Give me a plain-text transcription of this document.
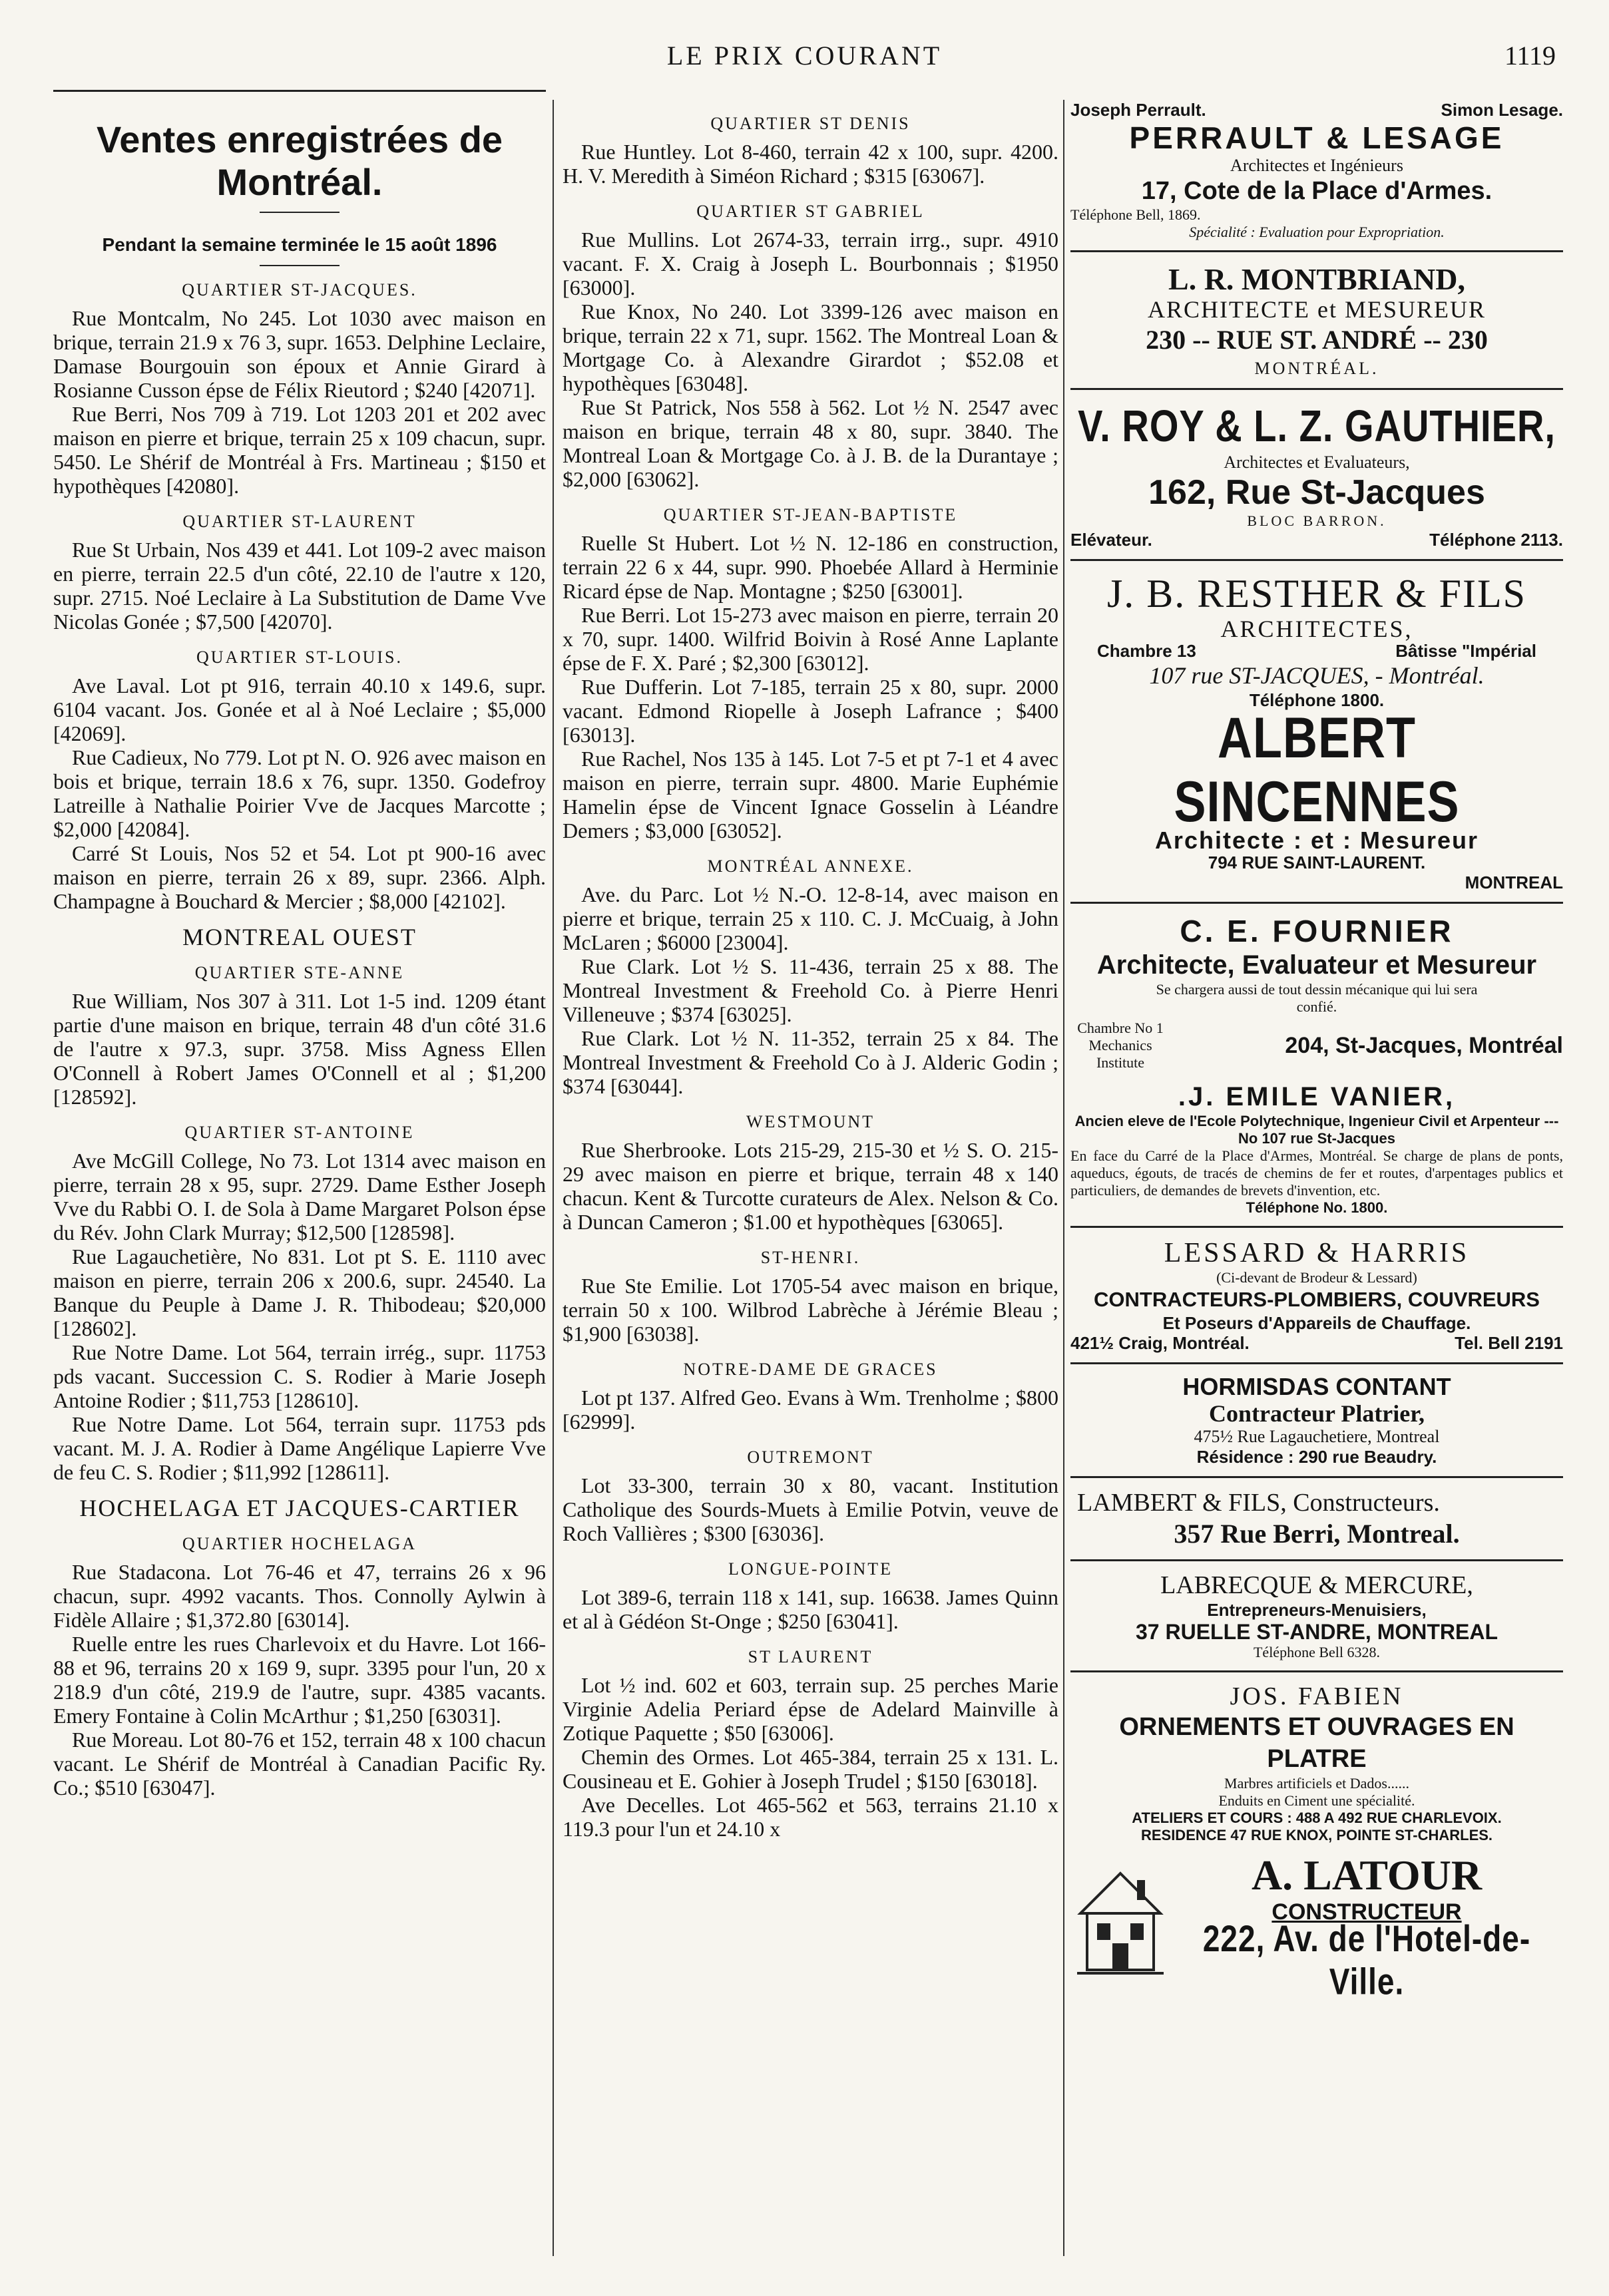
LE PRIX COURANT	1119
Ventes enregistrées de Montréal.
Pendant la semaine terminée le 15 août 1896
QUARTIER ST-JACQUES.

Rue Montcalm, No 245. Lot 1030 avec maison en brique, terrain 21.9 x 76 3, supr. 1653. Delphine Leclaire, Damase Bourgouin son époux et Annie Girard à Rosianne Cusson épse de Félix Rieutord ; $240 [42071].

Rue Berri, Nos 709 à 719. Lot 1203 201 et 202 avec maison en pierre et brique, terrain 25 x 109 chacun, supr. 5450. Le Shérif de Montréal à Frs. Martineau ; $150 et hypothèques [42080].

QUARTIER ST-LAURENT

Rue St Urbain, Nos 439 et 441. Lot 109-2 avec maison en pierre, terrain 22.5 d'un côté, 22.10 de l'autre x 120, supr. 2715. Noé Leclaire à La Substitution de Dame Vve Nicolas Gonée ; $7,500 [42070].

QUARTIER ST-LOUIS.

Ave Laval. Lot pt 916, terrain 40.10 x 149.6, supr. 6104 vacant. Jos. Gonée et al à Noé Leclaire ; $5,000 [42069].

Rue Cadieux, No 779. Lot pt N. O. 926 avec maison en bois et brique, terrain 18.6 x 76, supr. 1350. Godefroy Latreille à Nathalie Poirier Vve de Jacques Marcotte ; $2,000 [42084].

Carré St Louis, Nos 52 et 54. Lot pt 900-16 avec maison en pierre, terrain 26 x 89, supr. 2366. Alph. Champagne à Bouchard & Mercier ; $8,000 [42102].

MONTREAL OUEST
QUARTIER STE-ANNE

Rue William, Nos 307 à 311. Lot 1-5 ind. 1209 étant partie d'une maison en brique, terrain 48 d'un côté 31.6 de l'autre x 97.3, supr. 3758. Miss Agness Ellen O'Connell à Robert James O'Connell et al ; $1,200 [128592].

QUARTIER ST-ANTOINE

Ave McGill College, No 73. Lot 1314 avec maison en pierre, terrain 28 x 95, supr. 2729. Dame Esther Joseph Vve du Rabbi O. I. de Sola à Dame Margaret Polson épse du Rév. John Clark Murray; $12,500 [128598].

Rue Lagauchetière, No 831. Lot pt S. E. 1110 avec maison en pierre, terrain 206 x 200.6, supr. 24540. La Banque du Peuple à Dame J. R. Thibodeau; $20,000 [128602].

Rue Notre Dame. Lot 564, terrain irrég., supr. 11753 pds vacant. Succession C. S. Rodier à Marie Joseph Antoine Rodier ; $11,753 [128610].

Rue Notre Dame. Lot 564, terrain supr. 11753 pds vacant. M. J. A. Rodier à Dame Angélique Lapierre Vve de feu C. S. Rodier ; $11,992 [128611].

HOCHELAGA ET JACQUES-CARTIER
QUARTIER HOCHELAGA

Rue Stadacona. Lot 76-46 et 47, terrains 26 x 96 chacun, supr. 4992 vacants. Thos. Connolly Aylwin à Fidèle Allaire ; $1,372.80 [63014].

Ruelle entre les rues Charlevoix et du Havre. Lot 166-88 et 96, terrains 20 x 169 9, supr. 3395 pour l'un, 20 x 218.9 d'un côté, 219.9 de l'autre, supr. 4385 vacants. Emery Fontaine à Colin McArthur ; $1,250 [63031].

Rue Moreau. Lot 80-76 et 152, terrain 48 x 100 chacun vacant. Le Shérif de Montréal à Canadian Pacific Ry. Co.; $510 [63047].

QUARTIER ST DENIS

Rue Huntley. Lot 8-460, terrain 42 x 100, supr. 4200. H. V. Meredith à Siméon Richard ; $315 [63067].

QUARTIER ST GABRIEL

Rue Mullins. Lot 2674-33, terrain irrg., supr. 4910 vacant. F. X. Craig à Joseph L. Bourbonnais ; $1950 [63000].

Rue Knox, No 240. Lot 3399-126 avec maison en brique, terrain 22 x 71, supr. 1562. The Montreal Loan & Mortgage Co. à Alexandre Girardot ; $52.08 et hypothèques [63048].

Rue St Patrick, Nos 558 à 562. Lot ½ N. 2547 avec maison en brique, terrain 48 x 80, supr. 3840. The Montreal Loan & Mortgage Co. à J. B. de la Durantaye ; $2,000 [63062].

QUARTIER ST-JEAN-BAPTISTE

Ruelle St Hubert. Lot ½ N. 12-186 en construction, terrain 22 6 x 44, supr. 990. Phoebée Allard à Herminie Ricard épse de Nap. Montagne ; $250 [63001].

Rue Berri. Lot 15-273 avec maison en pierre, terrain 20 x 70, supr. 1400. Wilfrid Boivin à Rosé Anne Laplante épse de F. X. Paré ; $2,300 [63012].

Rue Dufferin. Lot 7-185, terrain 25 x 80, supr. 2000 vacant. Edmond Riopelle à Joseph Lafrance ; $400 [63013].

Rue Rachel, Nos 135 à 145. Lot 7-5 et pt 7-1 et 4 avec maison en pierre, terrain supr. 4800. Marie Euphémie Hamelin épse de Vincent Ignace Gosselin à Léandre Demers ; $3,000 [63052].

MONTRÉAL ANNEXE.

Ave. du Parc. Lot ½ N.-O. 12-8-14, avec maison en pierre et brique, terrain 25 x 110. C. J. McCuaig, à John McLaren ; $6000 [23004].

Rue Clark. Lot ½ S. 11-436, terrain 25 x 88. The Montreal Investment & Freehold Co. à Pierre Henri Villeneuve ; $374 [63025].

Rue Clark. Lot ½ N. 11-352, terrain 25 x 84. The Montreal Investment & Freehold Co à J. Alderic Godin ; $374 [63044].

WESTMOUNT

Rue Sherbrooke. Lots 215-29, 215-30 et ½ S. O. 215-29 avec maison en pierre et brique, terrain 48 x 140 chacun. Kent & Turcotte curateurs de Alex. Nelson & Co. à Duncan Cameron ; $1.00 et hypothèques [63065].

ST-HENRI.

Rue Ste Emilie. Lot 1705-54 avec maison en brique, terrain 50 x 100. Wilbrod Labrèche à Jérémie Bleau ; $1,900 [63038].

NOTRE-DAME DE GRACES

Lot pt 137. Alfred Geo. Evans à Wm. Trenholme ; $800 [62999].

OUTREMONT

Lot 33-300, terrain 30 x 80, vacant. Institution Catholique des Sourds-Muets à Emilie Potvin, veuve de Roch Vallières ; $300 [63036].

LONGUE-POINTE

Lot 389-6, terrain 118 x 141, sup. 16638. James Quinn et al à Gédéon St-Onge ; $250 [63041].

ST LAURENT

Lot ½ ind. 602 et 603, terrain sup. 25 perches Marie Virginie Adelia Periard épse de Adelard Mainville à Zotique Paquette ; $50 [63006].

Chemin des Ormes. Lot 465-384, terrain 25 x 131. L. Cousineau et E. Gohier à Joseph Trudel ; $150 [63018].

Ave Decelles. Lot 465-562 et 563, terrains 21.10 x 119.3 pour l'un et 24.10 x

Joseph Perrault.	Simon Lesage.
PERRAULT & LESAGE
Architectes et Ingénieurs
17, Cote de la Place d'Armes.
Téléphone Bell, 1869.
Spécialité : Evaluation pour Expropriation.
L. R. MONTBRIAND,
ARCHITECTE et MESUREUR
230 -- RUE ST. ANDRÉ -- 230
MONTRÉAL.
V. ROY & L. Z. GAUTHIER,
Architectes et Evaluateurs,
162, Rue St-Jacques
BLOC BARRON.
Elévateur.	Téléphone 2113.
J. B. RESTHER & FILS
ARCHITECTES,
Chambre 13	Bâtisse "Impérial
107 rue ST-JACQUES, - Montréal.
Téléphone 1800.
ALBERT SINCENNES
Architecte : et : Mesureur
794 RUE SAINT-LAURENT.
MONTREAL
C. E. FOURNIER
Architecte, Evaluateur et Mesureur
Se chargera aussi de tout dessin mécanique qui lui sera confié.
Chambre No 1 Mechanics Institute
204, St-Jacques, Montréal
.J. EMILE VANIER,
Ancien eleve de l'Ecole Polytechnique, Ingenieur Civil et Arpenteur --- No 107 rue St-Jacques
En face du Carré de la Place d'Armes, Montréal. Se charge de plans de ponts, aqueducs, égouts, de tracés de chemins de fer et routes, d'arpentages publics et particuliers, de demandes de brevets d'invention, etc.
Téléphone No. 1800.
LESSARD & HARRIS
(Ci-devant de Brodeur & Lessard)
CONTRACTEURS-PLOMBIERS, COUVREURS
Et Poseurs d'Appareils de Chauffage.
421½ Craig, Montréal.	Tel. Bell 2191
HORMISDAS CONTANT
Contracteur Platrier,
475½ Rue Lagauchetiere, Montreal
Résidence : 290 rue Beaudry.
LAMBERT & FILS, Constructeurs.
357 Rue Berri, Montreal.
LABRECQUE & MERCURE,
Entrepreneurs-Menuisiers,
37 RUELLE ST-ANDRE, MONTREAL
Téléphone Bell 6328.
JOS. FABIEN
ORNEMENTS ET OUVRAGES EN PLATRE
Marbres artificiels et Dados......
Enduits en Ciment une spécialité.
ATELIERS ET COURS : 488 A 492 RUE CHARLEVOIX.
RESIDENCE 47 RUE KNOX, POINTE ST-CHARLES.
A. LATOUR
CONSTRUCTEUR
222, Av. de l'Hotel-de-Ville.
